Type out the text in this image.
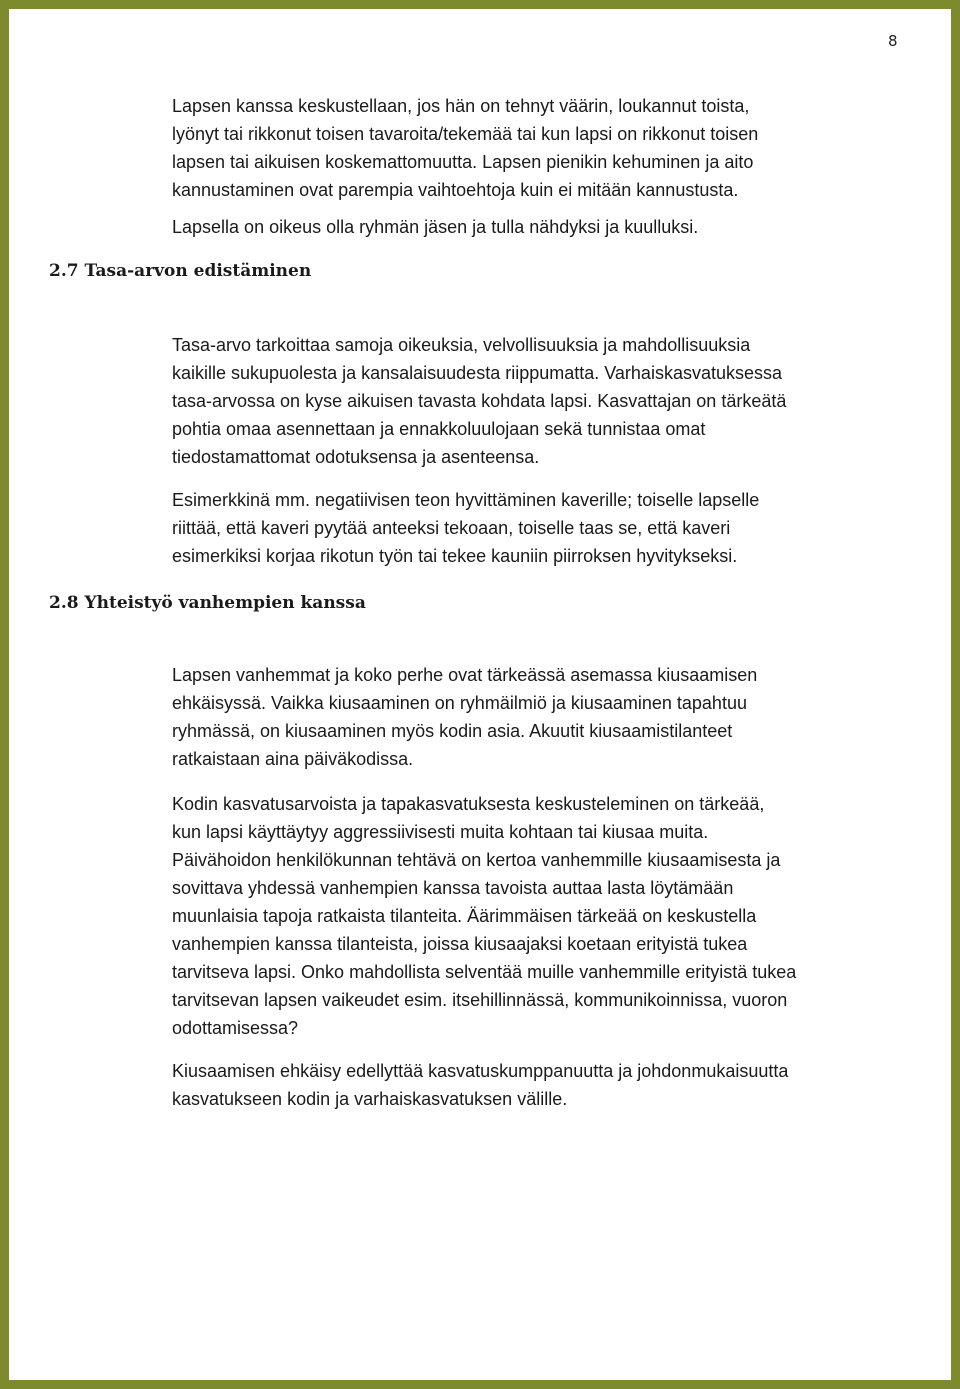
8

Lapsen kanssa keskustellaan, jos hän on tehnyt väärin, loukannut toista,
lyönyt tai rikkonut toisen tavaroita/tekemää tai kun lapsi on rikkonut toisen
lapsen tai aikuisen koskemattomuutta. Lapsen pienikin kehuminen ja aito
kannustaminen ovat parempia vaihtoehtoja kuin ei mitään kannustusta.

Lapsella on oikeus olla ryhmän jäsen ja tulla nähdyksi ja kuulluksi.

2.7 Tasa-arvon edistäminen

Tasa-arvo tarkoittaa samoja oikeuksia, velvollisuuksia ja mahdollisuuksia
kaikille sukupuolesta ja kansalaisuudesta riippumatta. Varhaiskasvatuksessa
tasa-arvossa on kyse aikuisen tavasta kohdata lapsi. Kasvattajan on tärkeätä
pohtia omaa asennettaan ja ennakkoluulojaan sekä tunnistaa omat
tiedostamattomat odotuksensa ja asenteensa.

Esimerkkinä mm. negatiivisen teon hyvittäminen kaverille; toiselle lapselle
riittää, että kaveri pyytää anteeksi tekoaan, toiselle taas se, että kaveri
esimerkiksi korjaa rikotun työn tai tekee kauniin piirroksen hyvitykseksi.

2.8 Yhteistyö vanhempien kanssa

Lapsen vanhemmat ja koko perhe ovat tärkeässä asemassa kiusaamisen
ehkäisyssä. Vaikka kiusaaminen on ryhmäilmiö ja kiusaaminen tapahtuu
ryhmässä, on kiusaaminen myös kodin asia. Akuutit kiusaamistilanteet
ratkaistaan aina päiväkodissa.

Kodin kasvatusarvoista ja tapakasvatuksesta keskusteleminen on tärkeää,
kun lapsi käyttäytyy aggressiivisesti muita kohtaan tai kiusaa muita.
Päivähoidon henkilökunnan tehtävä on kertoa vanhemmille kiusaamisesta ja
sovittava yhdessä vanhempien kanssa tavoista auttaa lasta löytämään
muunlaisia tapoja ratkaista tilanteita. Äärimmäisen tärkeää on keskustella
vanhempien kanssa tilanteista, joissa kiusaajaksi koetaan erityistä tukea
tarvitseva lapsi. Onko mahdollista selventää muille vanhemmille erityistä tukea
tarvitsevan lapsen vaikeudet esim. itsehillinnässä, kommunikoinnissa, vuoron
odottamisessa?

Kiusaamisen ehkäisy edellyttää kasvatuskumppanuutta ja johdonmukaisuutta
kasvatukseen kodin ja varhaiskasvatuksen välille.
